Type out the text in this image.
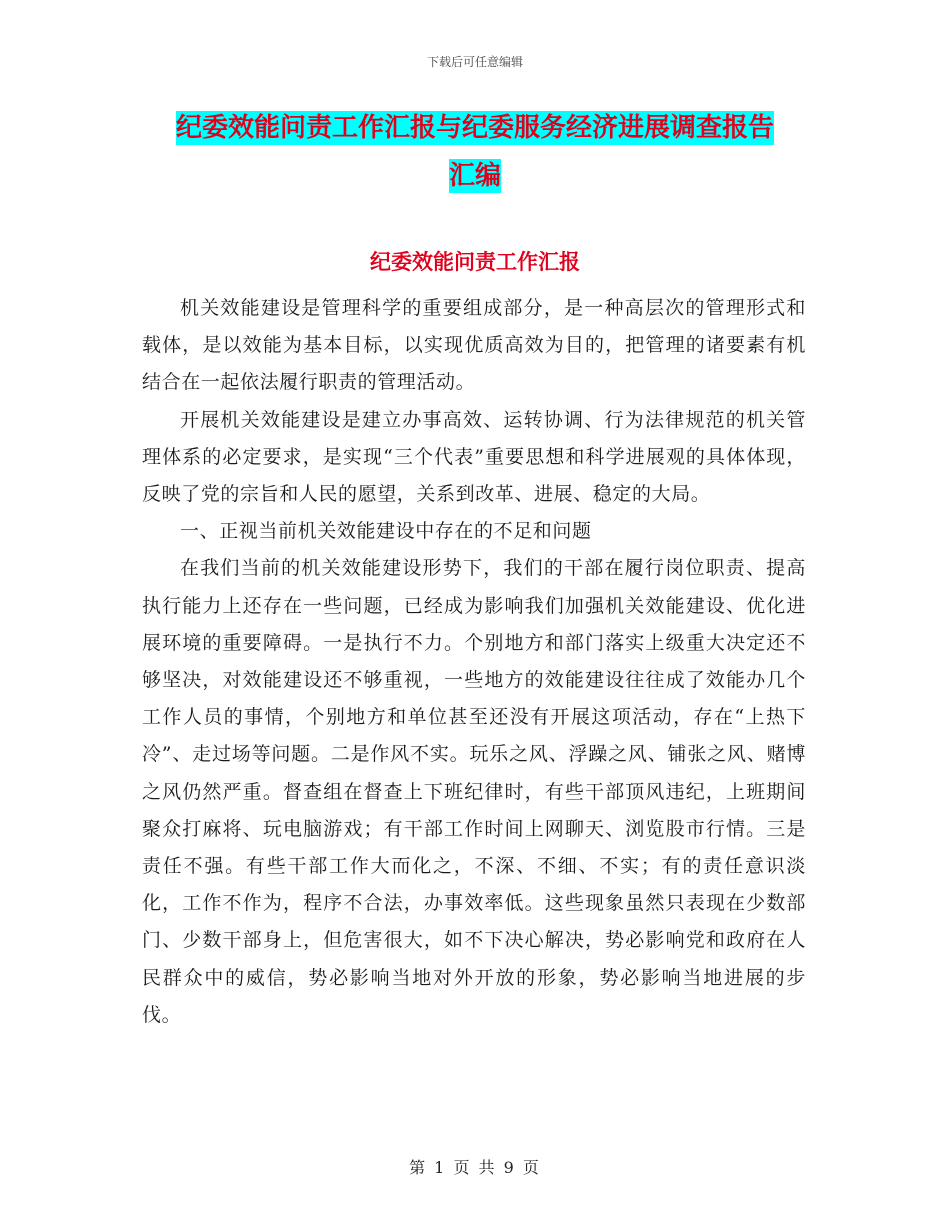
下载后可任意编辑
纪委效能问责工作汇报与纪委服务经济进展调查报告
汇编
纪委效能问责工作汇报

机关效能建设是管理科学的重要组成部分，是一种高层次的管理形式和载体，是以效能为基本目标，以实现优质高效为目的，把管理的诸要素有机结合在一起依法履行职责的管理活动。

开展机关效能建设是建立办事高效、运转协调、行为法律规范的机关管理体系的必定要求，是实现“三个代表”重要思想和科学进展观的具体体现，反映了党的宗旨和人民的愿望，关系到改革、进展、稳定的大局。

一、正视当前机关效能建设中存在的不足和问题

在我们当前的机关效能建设形势下，我们的干部在履行岗位职责、提高执行能力上还存在一些问题，已经成为影响我们加强机关效能建设、优化进展环境的重要障碍。一是执行不力。个别地方和部门落实上级重大决定还不够坚决，对效能建设还不够重视，一些地方的效能建设往往成了效能办几个工作人员的事情，个别地方和单位甚至还没有开展这项活动，存在“上热下冷”、走过场等问题。二是作风不实。玩乐之风、浮躁之风、铺张之风、赌博之风仍然严重。督查组在督查上下班纪律时，有些干部顶风违纪，上班期间聚众打麻将、玩电脑游戏；有干部工作时间上网聊天、浏览股市行情。三是责任不强。有些干部工作大而化之，不深、不细、不实；有的责任意识淡化，工作不作为，程序不合法，办事效率低。这些现象虽然只表现在少数部门、少数干部身上，但危害很大，如不下决心解决，势必影响党和政府在人民群众中的威信，势必影响当地对外开放的形象，势必影响当地进展的步伐。

第 1 页 共 9 页
